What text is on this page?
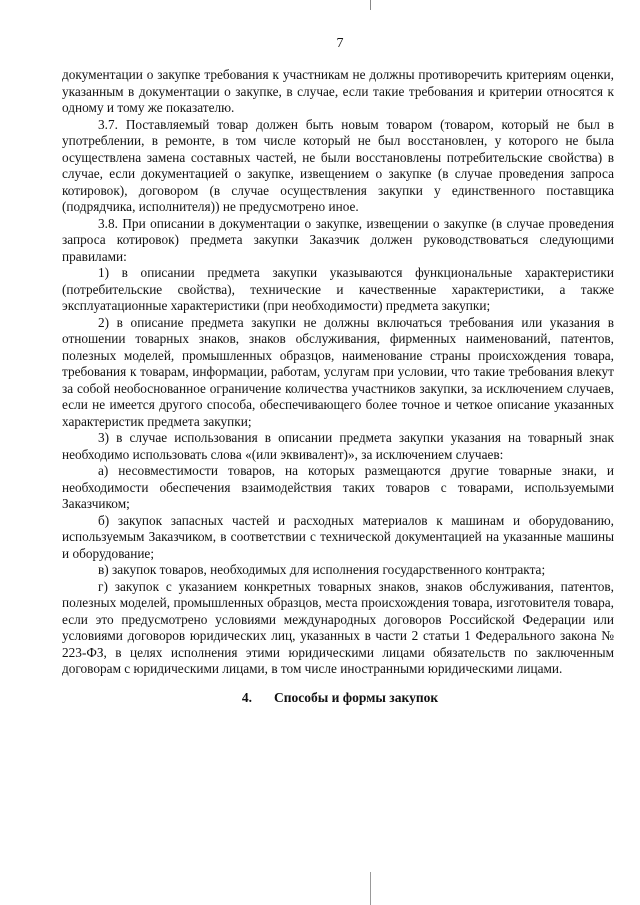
7

документации о закупке требования к участникам не должны противоречить критериям оценки, указанным в документации о закупке, в случае, если такие требования и критерии относятся к одному и тому же показателю.

3.7. Поставляемый товар должен быть новым товаром (товаром, который не был в употреблении, в ремонте, в том числе который не был восстановлен, у которого не была осуществлена замена составных частей, не были восстановлены потребительские свойства) в случае, если документацией о закупке, извещением о закупке (в случае проведения запроса котировок), договором (в случае осуществления закупки у единственного поставщика (подрядчика, исполнителя)) не предусмотрено иное.

3.8. При описании в документации о закупке, извещении о закупке (в случае проведения запроса котировок) предмета закупки Заказчик должен руководствоваться следующими правилами:

1) в описании предмета закупки указываются функциональные характеристики (потребительские свойства), технические и качественные характеристики, а также эксплуатационные характеристики (при необходимости) предмета закупки;

2) в описание предмета закупки не должны включаться требования или указания в отношении товарных знаков, знаков обслуживания, фирменных наименований, патентов, полезных моделей, промышленных образцов, наименование страны происхождения товара, требования к товарам, информации, работам, услугам при условии, что такие требования влекут за собой необоснованное ограничение количества участников закупки, за исключением случаев, если не имеется другого способа, обеспечивающего более точное и четкое описание указанных характеристик предмета закупки;

3) в случае использования в описании предмета закупки указания на товарный знак необходимо использовать слова «(или эквивалент)», за исключением случаев:

а) несовместимости товаров, на которых размещаются другие товарные знаки, и необходимости обеспечения взаимодействия таких товаров с товарами, используемыми Заказчиком;

б) закупок запасных частей и расходных материалов к машинам и оборудованию, используемым Заказчиком, в соответствии с технической документацией на указанные машины и оборудование;

в) закупок товаров, необходимых для исполнения государственного контракта;

г) закупок с указанием конкретных товарных знаков, знаков обслуживания, патентов, полезных моделей, промышленных образцов, места происхождения товара, изготовителя товара, если это предусмотрено условиями международных договоров Российской Федерации или условиями договоров юридических лиц, указанных в части 2 статьи 1 Федерального закона № 223-ФЗ, в целях исполнения этими юридическими лицами обязательств по заключенным договорам с юридическими лицами, в том числе иностранными юридическими лицами.

4. Способы и формы закупок
